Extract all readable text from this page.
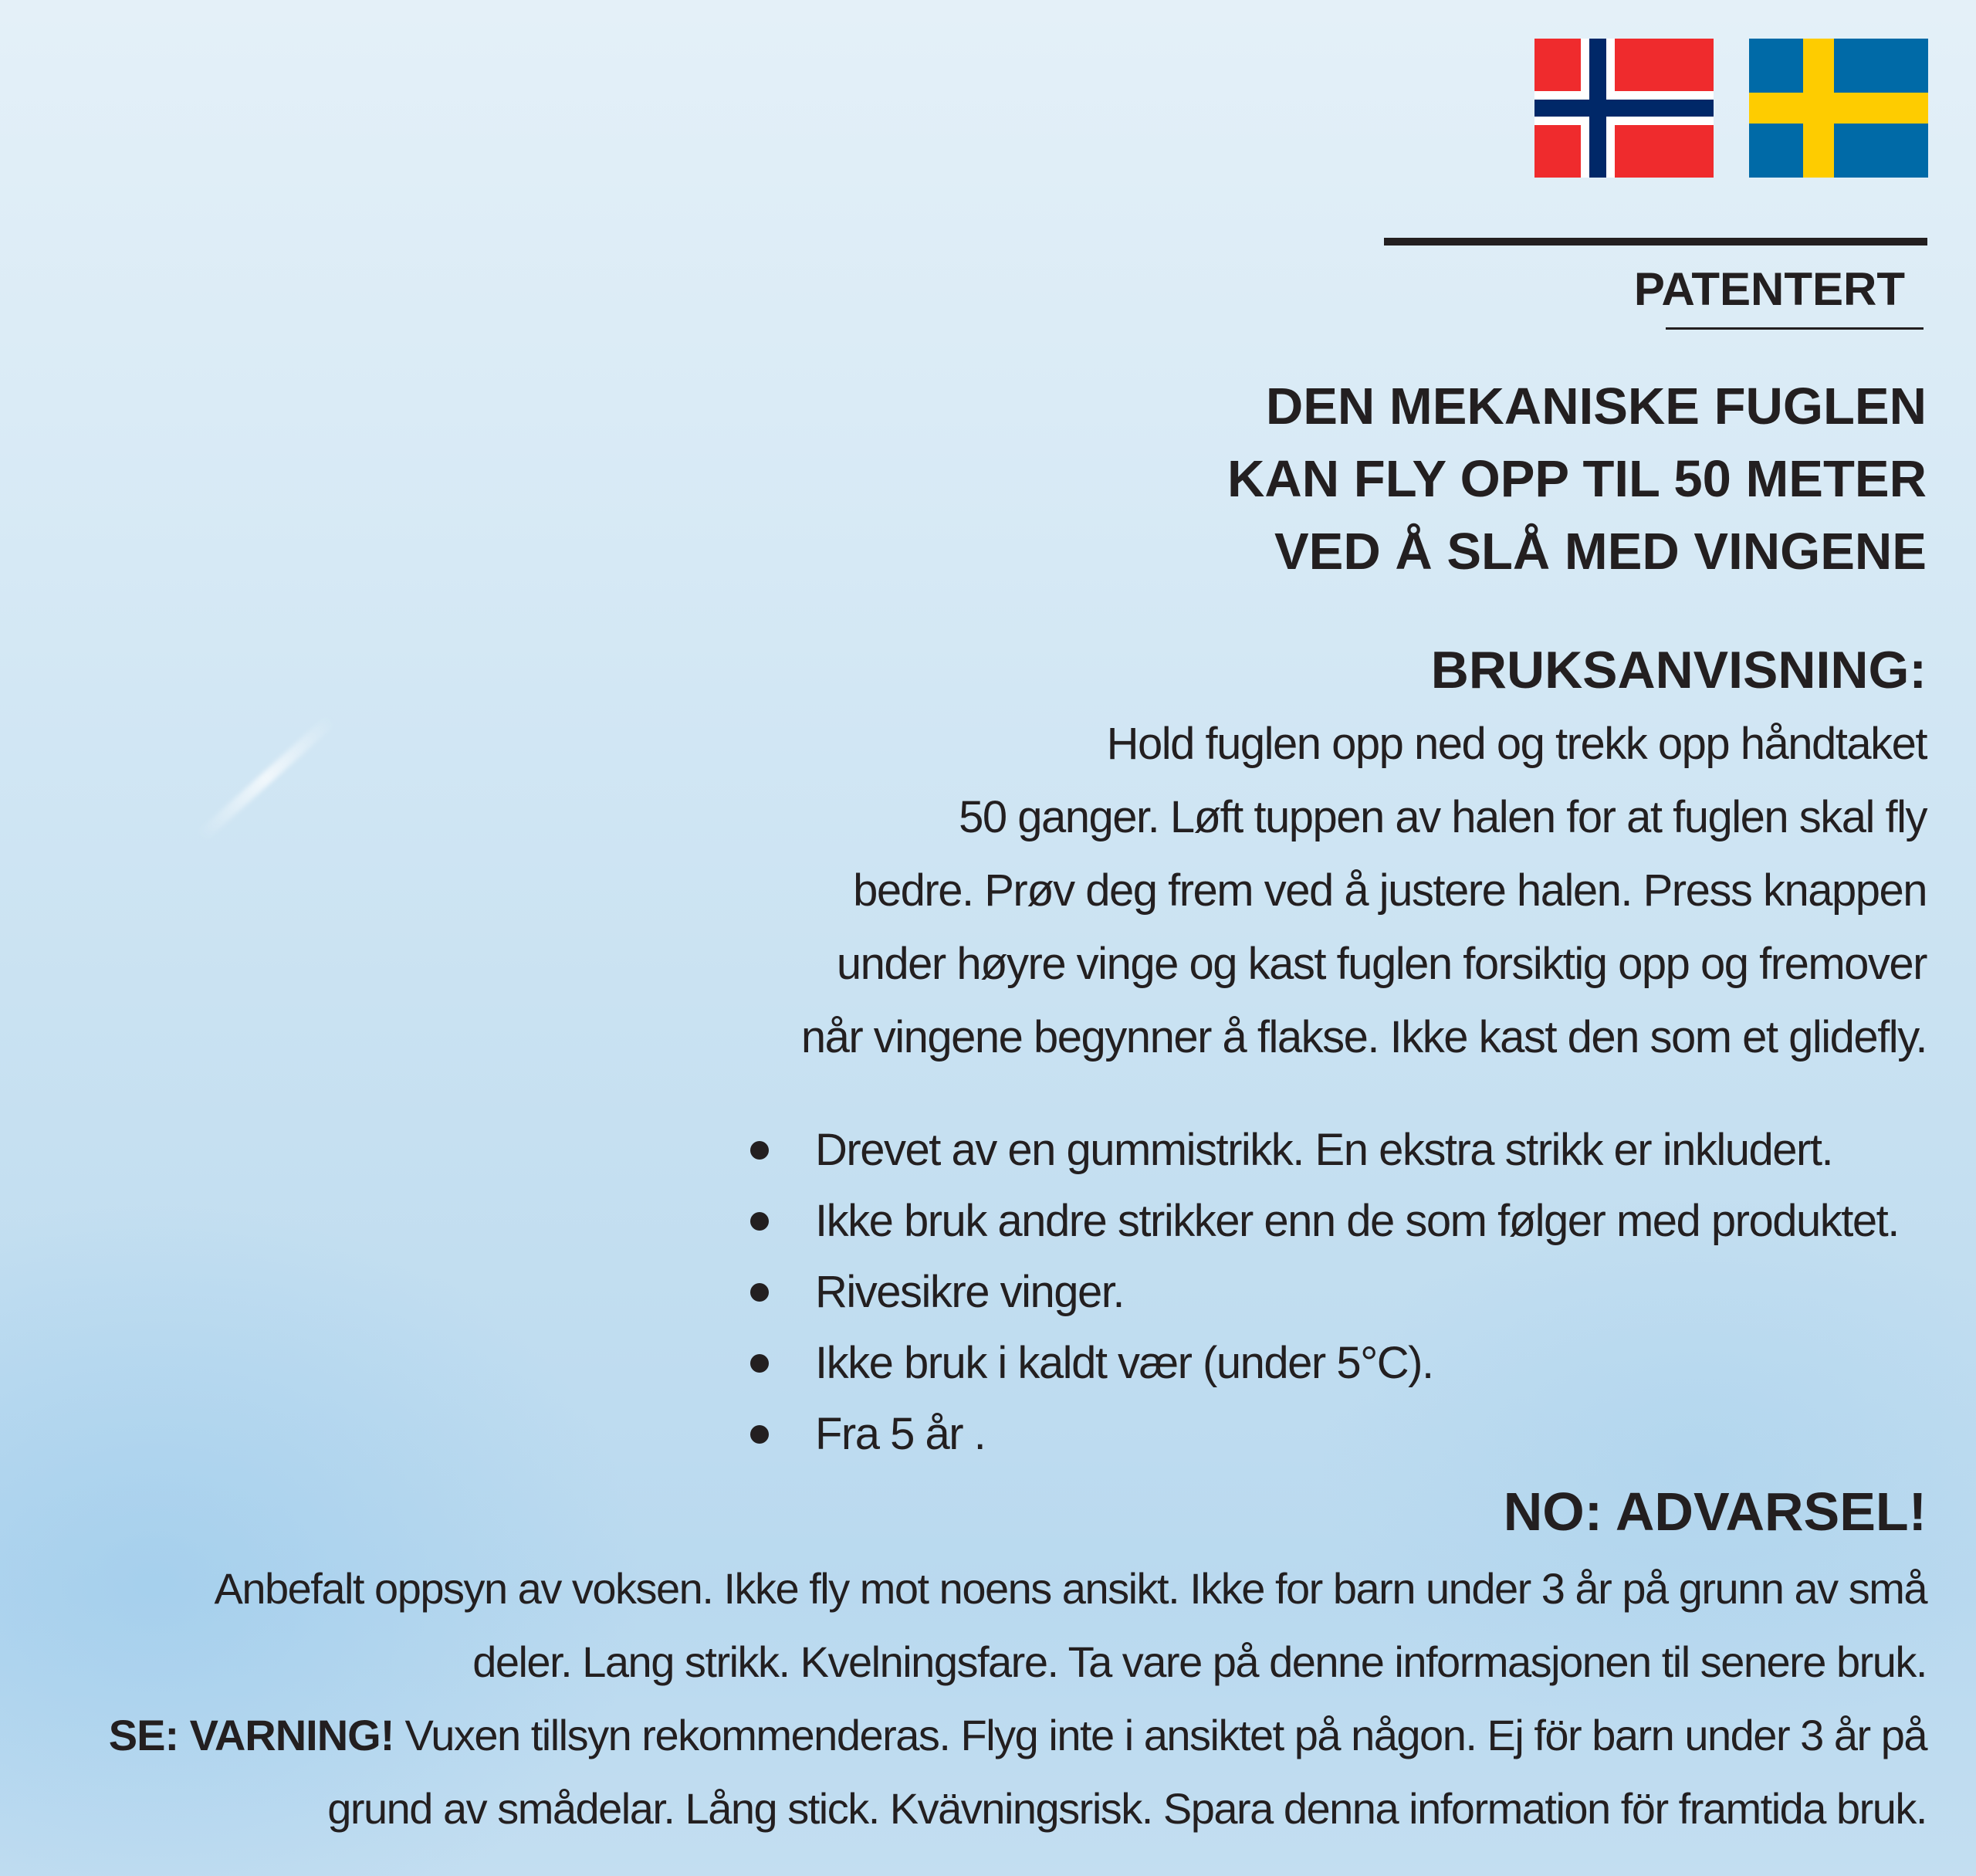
PATENTERT
DEN MEKANISKE FUGLEN
KAN FLY OPP TIL 50 METER
VED Å SLÅ MED VINGENE
BRUKSANVISNING:
Hold fuglen opp ned og trekk opp håndtaket
50 ganger. Løft tuppen av halen for at fuglen skal fly
bedre. Prøv deg frem ved å justere halen. Press knappen
under høyre vinge og kast fuglen forsiktig opp og fremover
når vingene begynner å flakse. Ikke kast den som et glidefly.
Drevet av en gummistrikk. En ekstra strikk er inkludert.
Ikke bruk andre strikker enn de som følger med produktet.
Rivesikre vinger.
Ikke bruk i kaldt vær (under 5°C).
Fra 5 år .
NO: ADVARSEL!
Anbefalt oppsyn av voksen. Ikke fly mot noens ansikt. Ikke for barn under 3 år på grunn av små
deler. Lang strikk. Kvelningsfare. Ta vare på denne informasjonen til senere bruk.
SE: VARNING! Vuxen tillsyn rekommenderas. Flyg inte i ansiktet på någon. Ej för barn under 3 år på
grund av smådelar. Lång stick. Kvävningsrisk. Spara denna information för framtida bruk.
